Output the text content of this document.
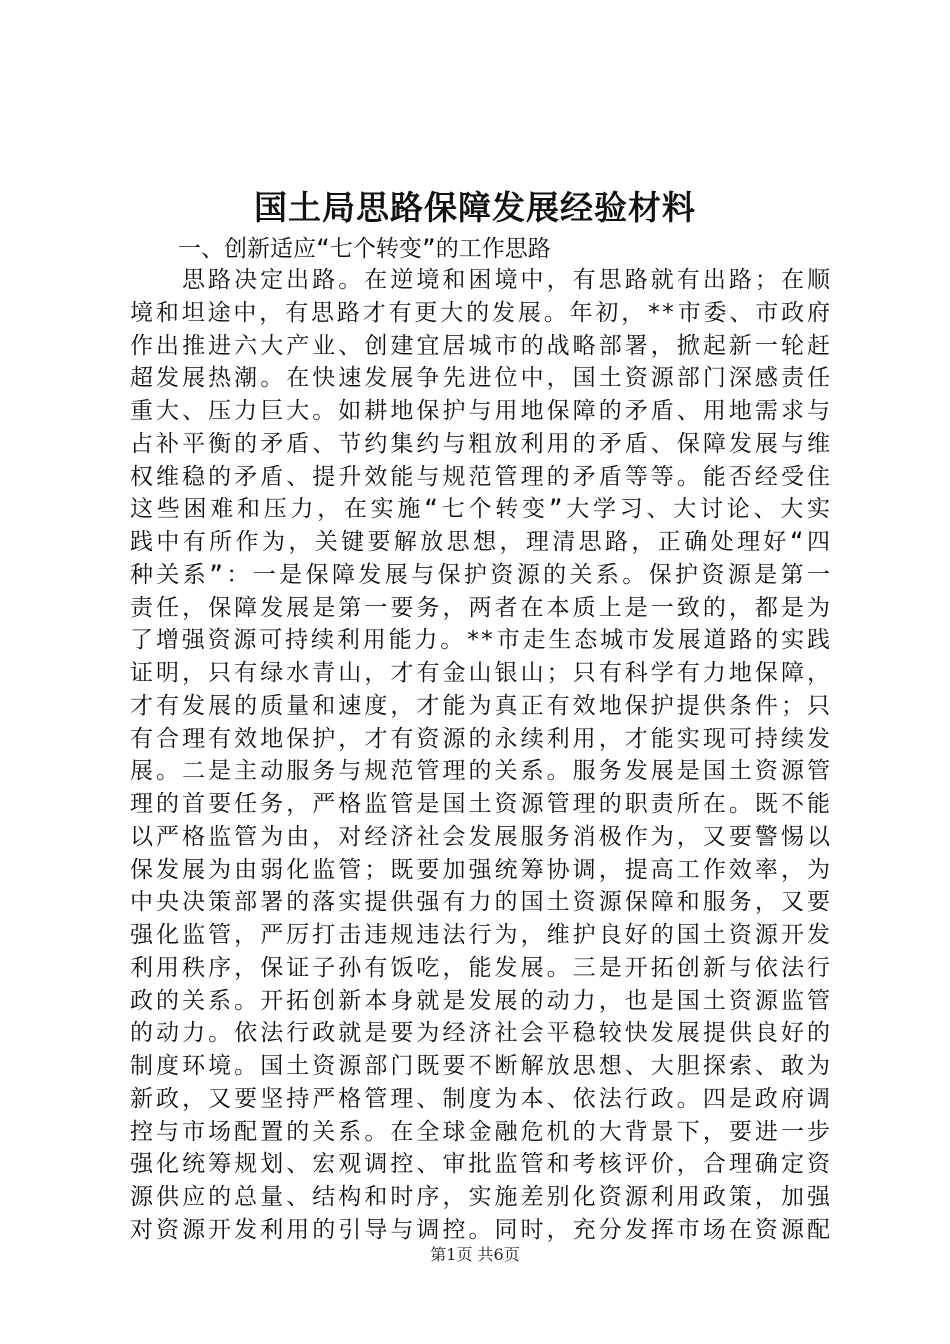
国土局思路保障发展经验材料

一、创新适应“七个转变”的工作思路

思路决定出路。在逆境和困境中，有思路就有出路；在顺
境和坦途中，有思路才有更大的发展。年初，**市委、市政府
作出推进六大产业、创建宜居城市的战略部署，掀起新一轮赶
超发展热潮。在快速发展争先进位中，国土资源部门深感责任
重大、压力巨大。如耕地保护与用地保障的矛盾、用地需求与
占补平衡的矛盾、节约集约与粗放利用的矛盾、保障发展与维
权维稳的矛盾、提升效能与规范管理的矛盾等等。能否经受住
这些困难和压力，在实施“七个转变”大学习、大讨论、大实
践中有所作为，关键要解放思想，理清思路，正确处理好“四
种关系”：一是保障发展与保护资源的关系。保护资源是第一
责任，保障发展是第一要务，两者在本质上是一致的，都是为
了增强资源可持续利用能力。**市走生态城市发展道路的实践
证明，只有绿水青山，才有金山银山；只有科学有力地保障，
才有发展的质量和速度，才能为真正有效地保护提供条件；只
有合理有效地保护，才有资源的永续利用，才能实现可持续发
展。二是主动服务与规范管理的关系。服务发展是国土资源管
理的首要任务，严格监管是国土资源管理的职责所在。既不能
以严格监管为由，对经济社会发展服务消极作为，又要警惕以
保发展为由弱化监管；既要加强统筹协调，提高工作效率，为
中央决策部署的落实提供强有力的国土资源保障和服务，又要
强化监管，严厉打击违规违法行为，维护良好的国土资源开发
利用秩序，保证子孙有饭吃，能发展。三是开拓创新与依法行
政的关系。开拓创新本身就是发展的动力，也是国土资源监管
的动力。依法行政就是要为经济社会平稳较快发展提供良好的
制度环境。国土资源部门既要不断解放思想、大胆探索、敢为
新政，又要坚持严格管理、制度为本、依法行政。四是政府调
控与市场配置的关系。在全球金融危机的大背景下，要进一步
强化统筹规划、宏观调控、审批监管和考核评价，合理确定资
源供应的总量、结构和时序，实施差别化资源利用政策，加强
对资源开发利用的引导与调控。同时，充分发挥市场在资源配

第1页 共6页
